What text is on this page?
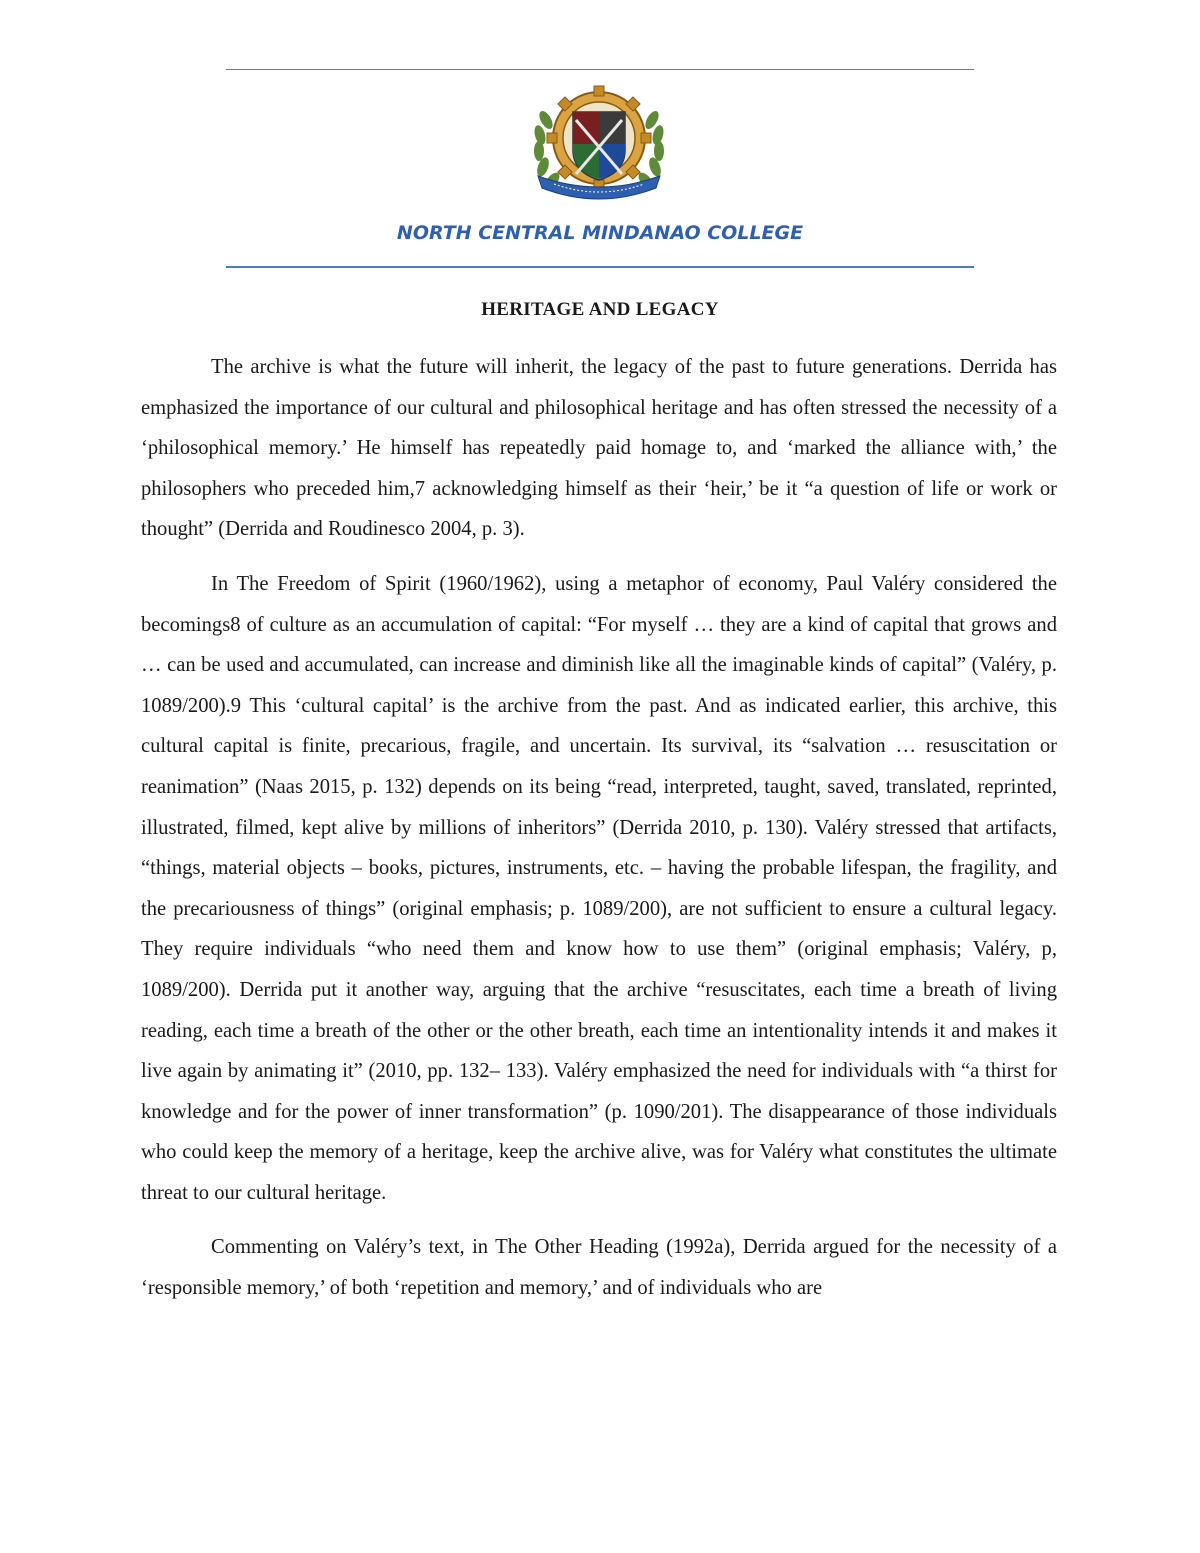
NORTH CENTRAL MINDANAO COLLEGE
HERITAGE AND LEGACY

The archive is what the future will inherit, the legacy of the past to future generations. Derrida has emphasized the importance of our cultural and philosophical heritage and has often stressed the necessity of a ‘philosophical memory.’ He himself has repeatedly paid homage to, and ‘marked the alliance with,’ the philosophers who preceded him,7 acknowledging himself as their ‘heir,’ be it “a question of life or work or thought” (Derrida and Roudinesco 2004, p. 3).

In The Freedom of Spirit (1960/1962), using a metaphor of economy, Paul Valéry considered the becomings8 of culture as an accumulation of capital: “For myself … they are a kind of capital that grows and … can be used and accumulated, can increase and diminish like all the imaginable kinds of capital” (Valéry, p. 1089/200).9 This ‘cultural capital’ is the archive from the past. And as indicated earlier, this archive, this cultural capital is finite, precarious, fragile, and uncertain. Its survival, its “salvation … resuscitation or reanimation” (Naas 2015, p. 132) depends on its being “read, interpreted, taught, saved, translated, reprinted, illustrated, filmed, kept alive by millions of inheritors” (Derrida 2010, p. 130). Valéry stressed that artifacts, “things, material objects – books, pictures, instruments, etc. – having the probable lifespan, the fragility, and the precariousness of things” (original emphasis; p. 1089/200), are not sufficient to ensure a cultural legacy. They require individuals “who need them and know how to use them” (original emphasis; Valéry, p, 1089/200). Derrida put it another way, arguing that the archive “resuscitates, each time a breath of living reading, each time a breath of the other or the other breath, each time an intentionality intends it and makes it live again by animating it” (2010, pp. 132– 133). Valéry emphasized the need for individuals with “a thirst for knowledge and for the power of inner transformation” (p. 1090/201). The disappearance of those individuals who could keep the memory of a heritage, keep the archive alive, was for Valéry what constitutes the ultimate threat to our cultural heritage.

Commenting on Valéry’s text, in The Other Heading (1992a), Derrida argued for the necessity of a ‘responsible memory,’ of both ‘repetition and memory,’ and of individuals who are
